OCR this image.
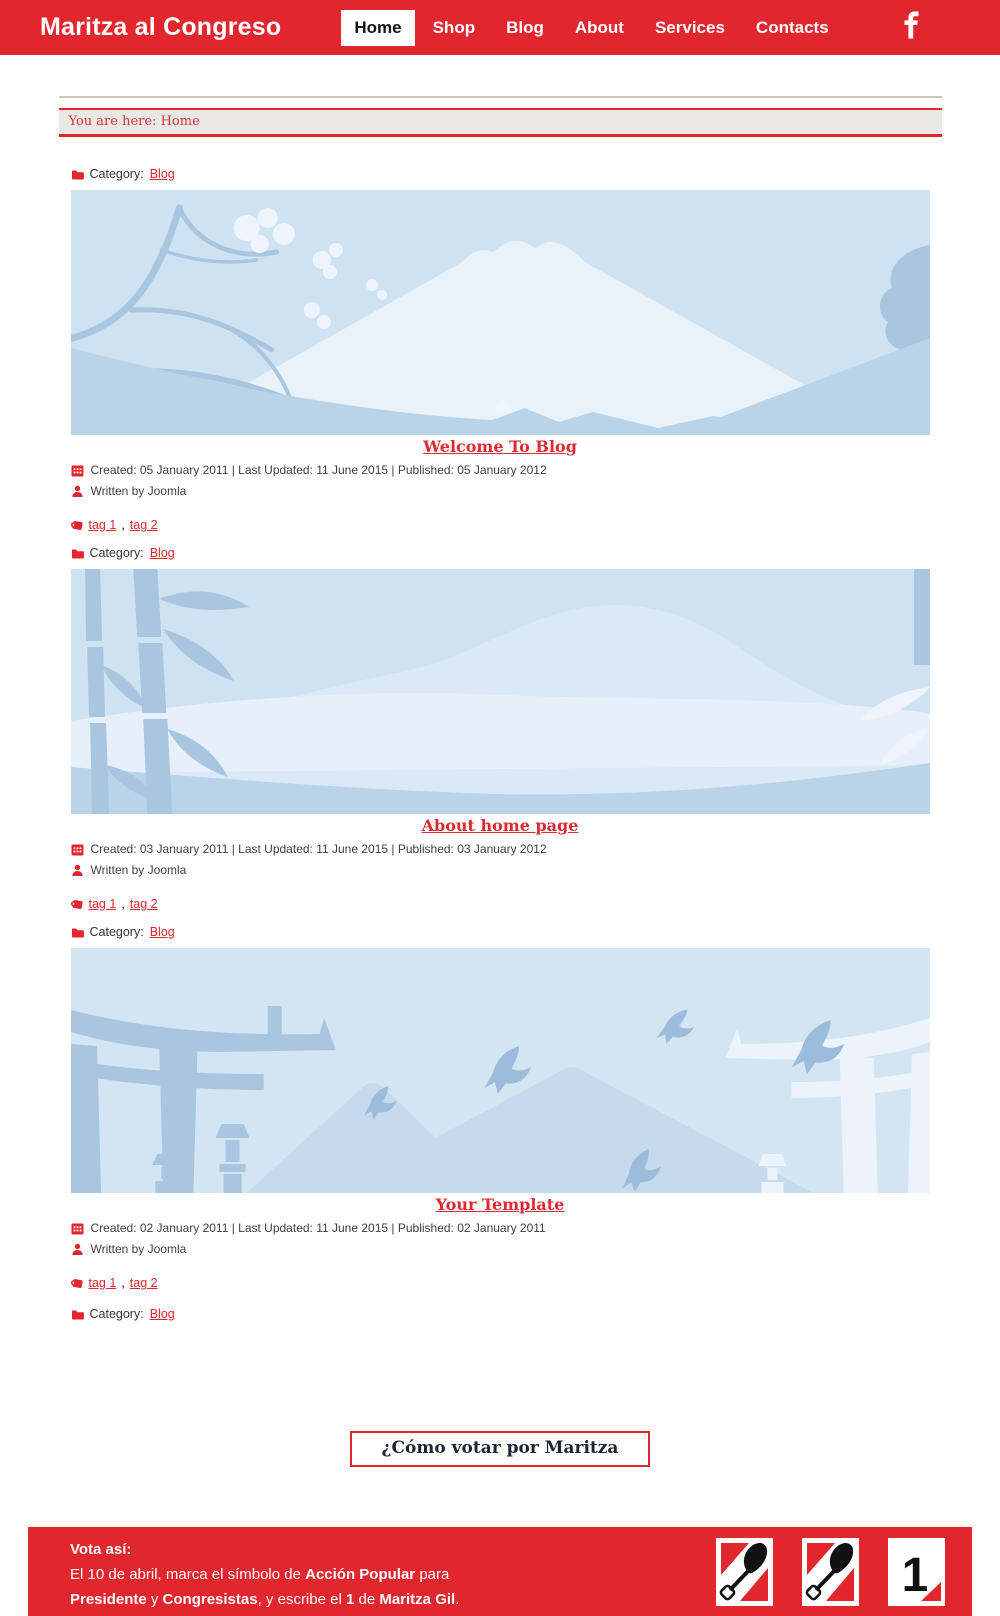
Maritza al Congreso	Home	Shop	Blog	About	Services	Contacts
You are here: Home
Category: Blog
Welcome To Blog
Created: 05 January 2011 | Last Updated: 11 June 2015 | Published: 05 January 2012
Written by Joomla
tag 1 , tag 2
Category: Blog
About home page
Created: 03 January 2011 | Last Updated: 11 June 2015 | Published: 03 January 2012
Written by Joomla
tag 1 , tag 2
Category: Blog
Your Template
Created: 02 January 2011 | Last Updated: 11 June 2015 | Published: 02 January 2011
Written by Joomla
tag 1 , tag 2
Category: Blog
¿Cómo votar por Maritza
Vota así:
El 10 de abril, marca el símbolo de Acción Popular para
Presidente y Congresistas, y escribe el 1 de Maritza Gil.	1
